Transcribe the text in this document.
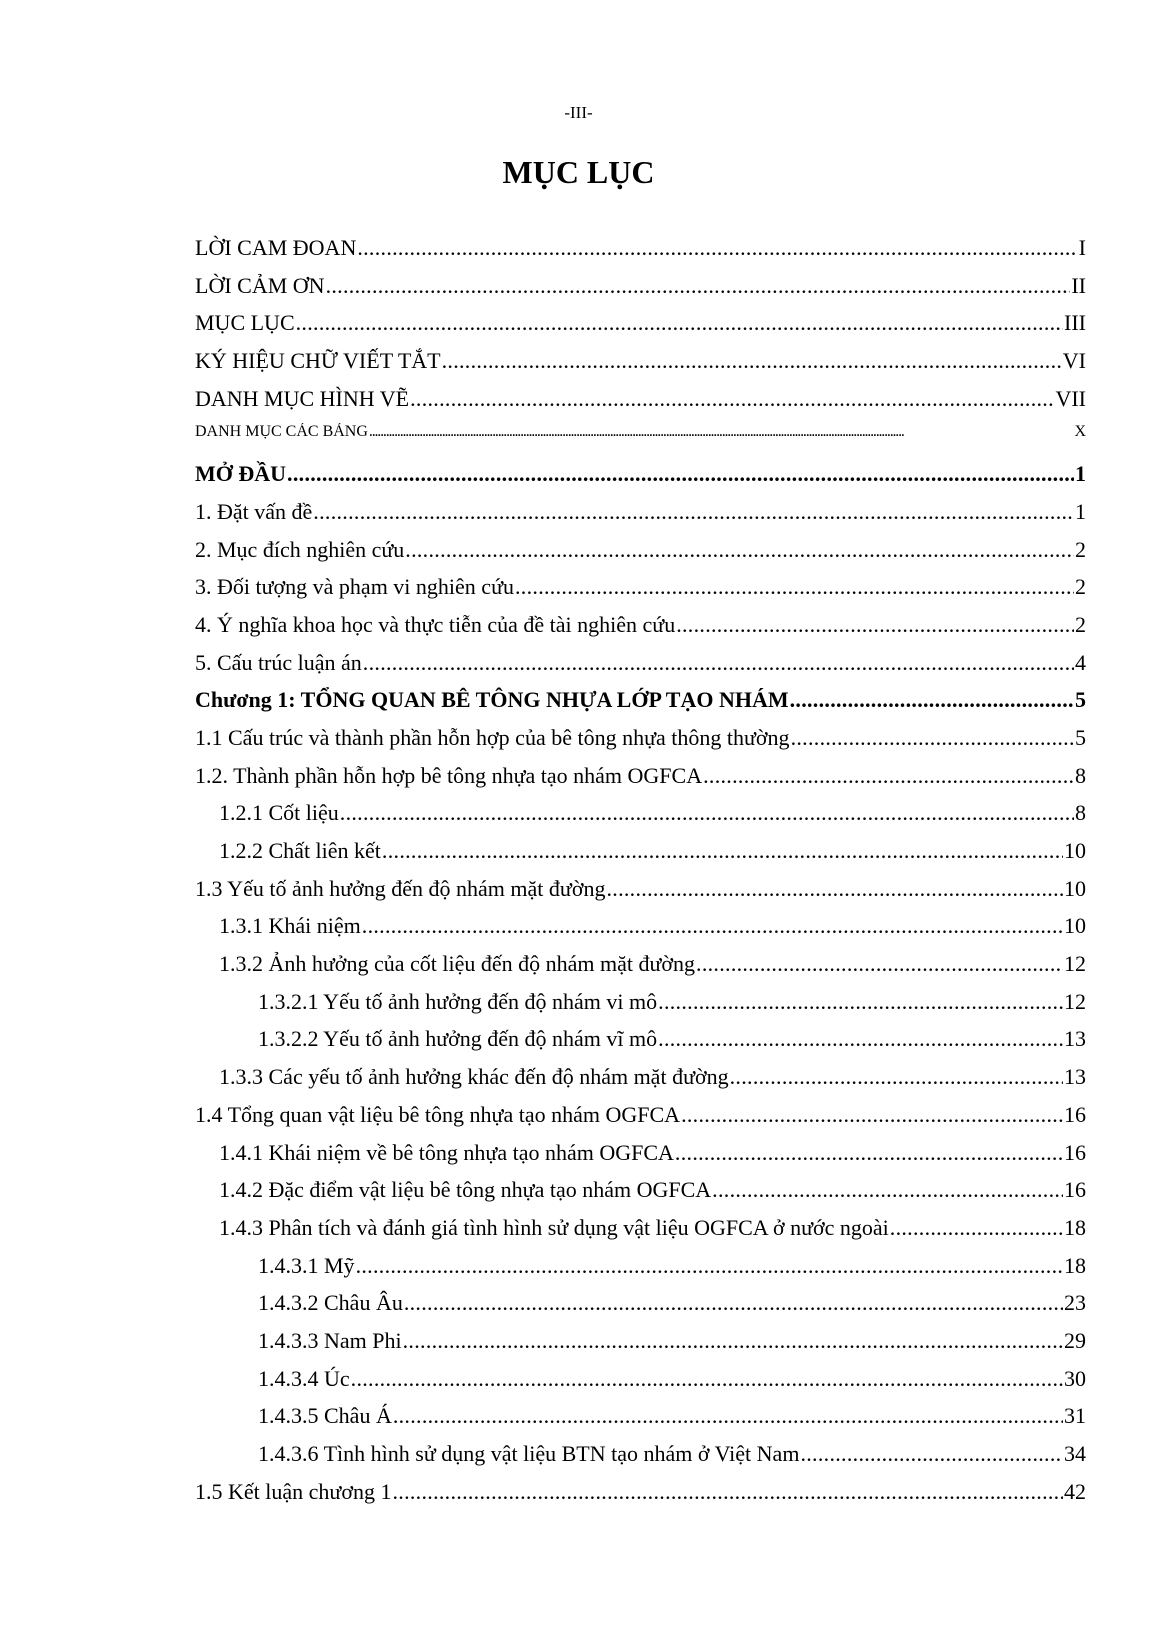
-III-
MỤC LỤC
LỜI CAM ĐOAN . . .	I
LỜI CẢM ƠN . . .	II
MỤC LỤC . . .	III
KÝ HIỆU CHỮ VIẾT TẮT . . .	VI
DANH MỤC HÌNH VẼ . . .	VII
DANH MỤC CÁC BẢNG . . .	X
MỞ ĐẦU . . .	1
1. Đặt vấn đề . . .	1
2. Mục đích nghiên cứu . . .	2
3. Đối tượng và phạm vi nghiên cứu . . .	2
4. Ý nghĩa khoa học và thực tiễn của đề tài nghiên cứu . . .	2
5. Cấu trúc luận án . . .	4
Chương 1: TỔNG QUAN BÊ TÔNG NHỰA LỚP TẠO NHÁM . . .	5
1.1 Cấu trúc và thành phần hỗn hợp của bê tông nhựa thông thường . . .	5
1.2. Thành phần hỗn hợp bê tông nhựa tạo nhám OGFCA . . .	8
1.2.1 Cốt liệu . . .	8
1.2.2 Chất liên kết . . .	10
1.3 Yếu tố ảnh hưởng đến độ nhám mặt đường . . .	10
1.3.1 Khái niệm . . .	10
1.3.2 Ảnh hưởng của cốt liệu đến độ nhám mặt đường . . .	12
1.3.2.1 Yếu tố ảnh hưởng đến độ nhám vi mô . . .	12
1.3.2.2 Yếu tố ảnh hưởng đến độ nhám vĩ mô . . .	13
1.3.3 Các yếu tố ảnh hưởng khác đến độ nhám mặt đường . . .	13
1.4 Tổng quan vật liệu bê tông nhựa tạo nhám OGFCA . . .	16
1.4.1 Khái niệm về bê tông nhựa tạo nhám OGFCA . . .	16
1.4.2 Đặc điểm vật liệu bê tông nhựa tạo nhám OGFCA . . .	16
1.4.3 Phân tích và đánh giá tình hình sử dụng vật liệu OGFCA ở nước ngoài . . .	18
1.4.3.1 Mỹ . . .	18
1.4.3.2 Châu Âu . . .	23
1.4.3.3 Nam Phi . . .	29
1.4.3.4 Úc . . .	30
1.4.3.5 Châu Á . . .	31
1.4.3.6 Tình hình sử dụng vật liệu BTN tạo nhám ở Việt Nam . . .	34
1.5 Kết luận chương 1 . . .	42
